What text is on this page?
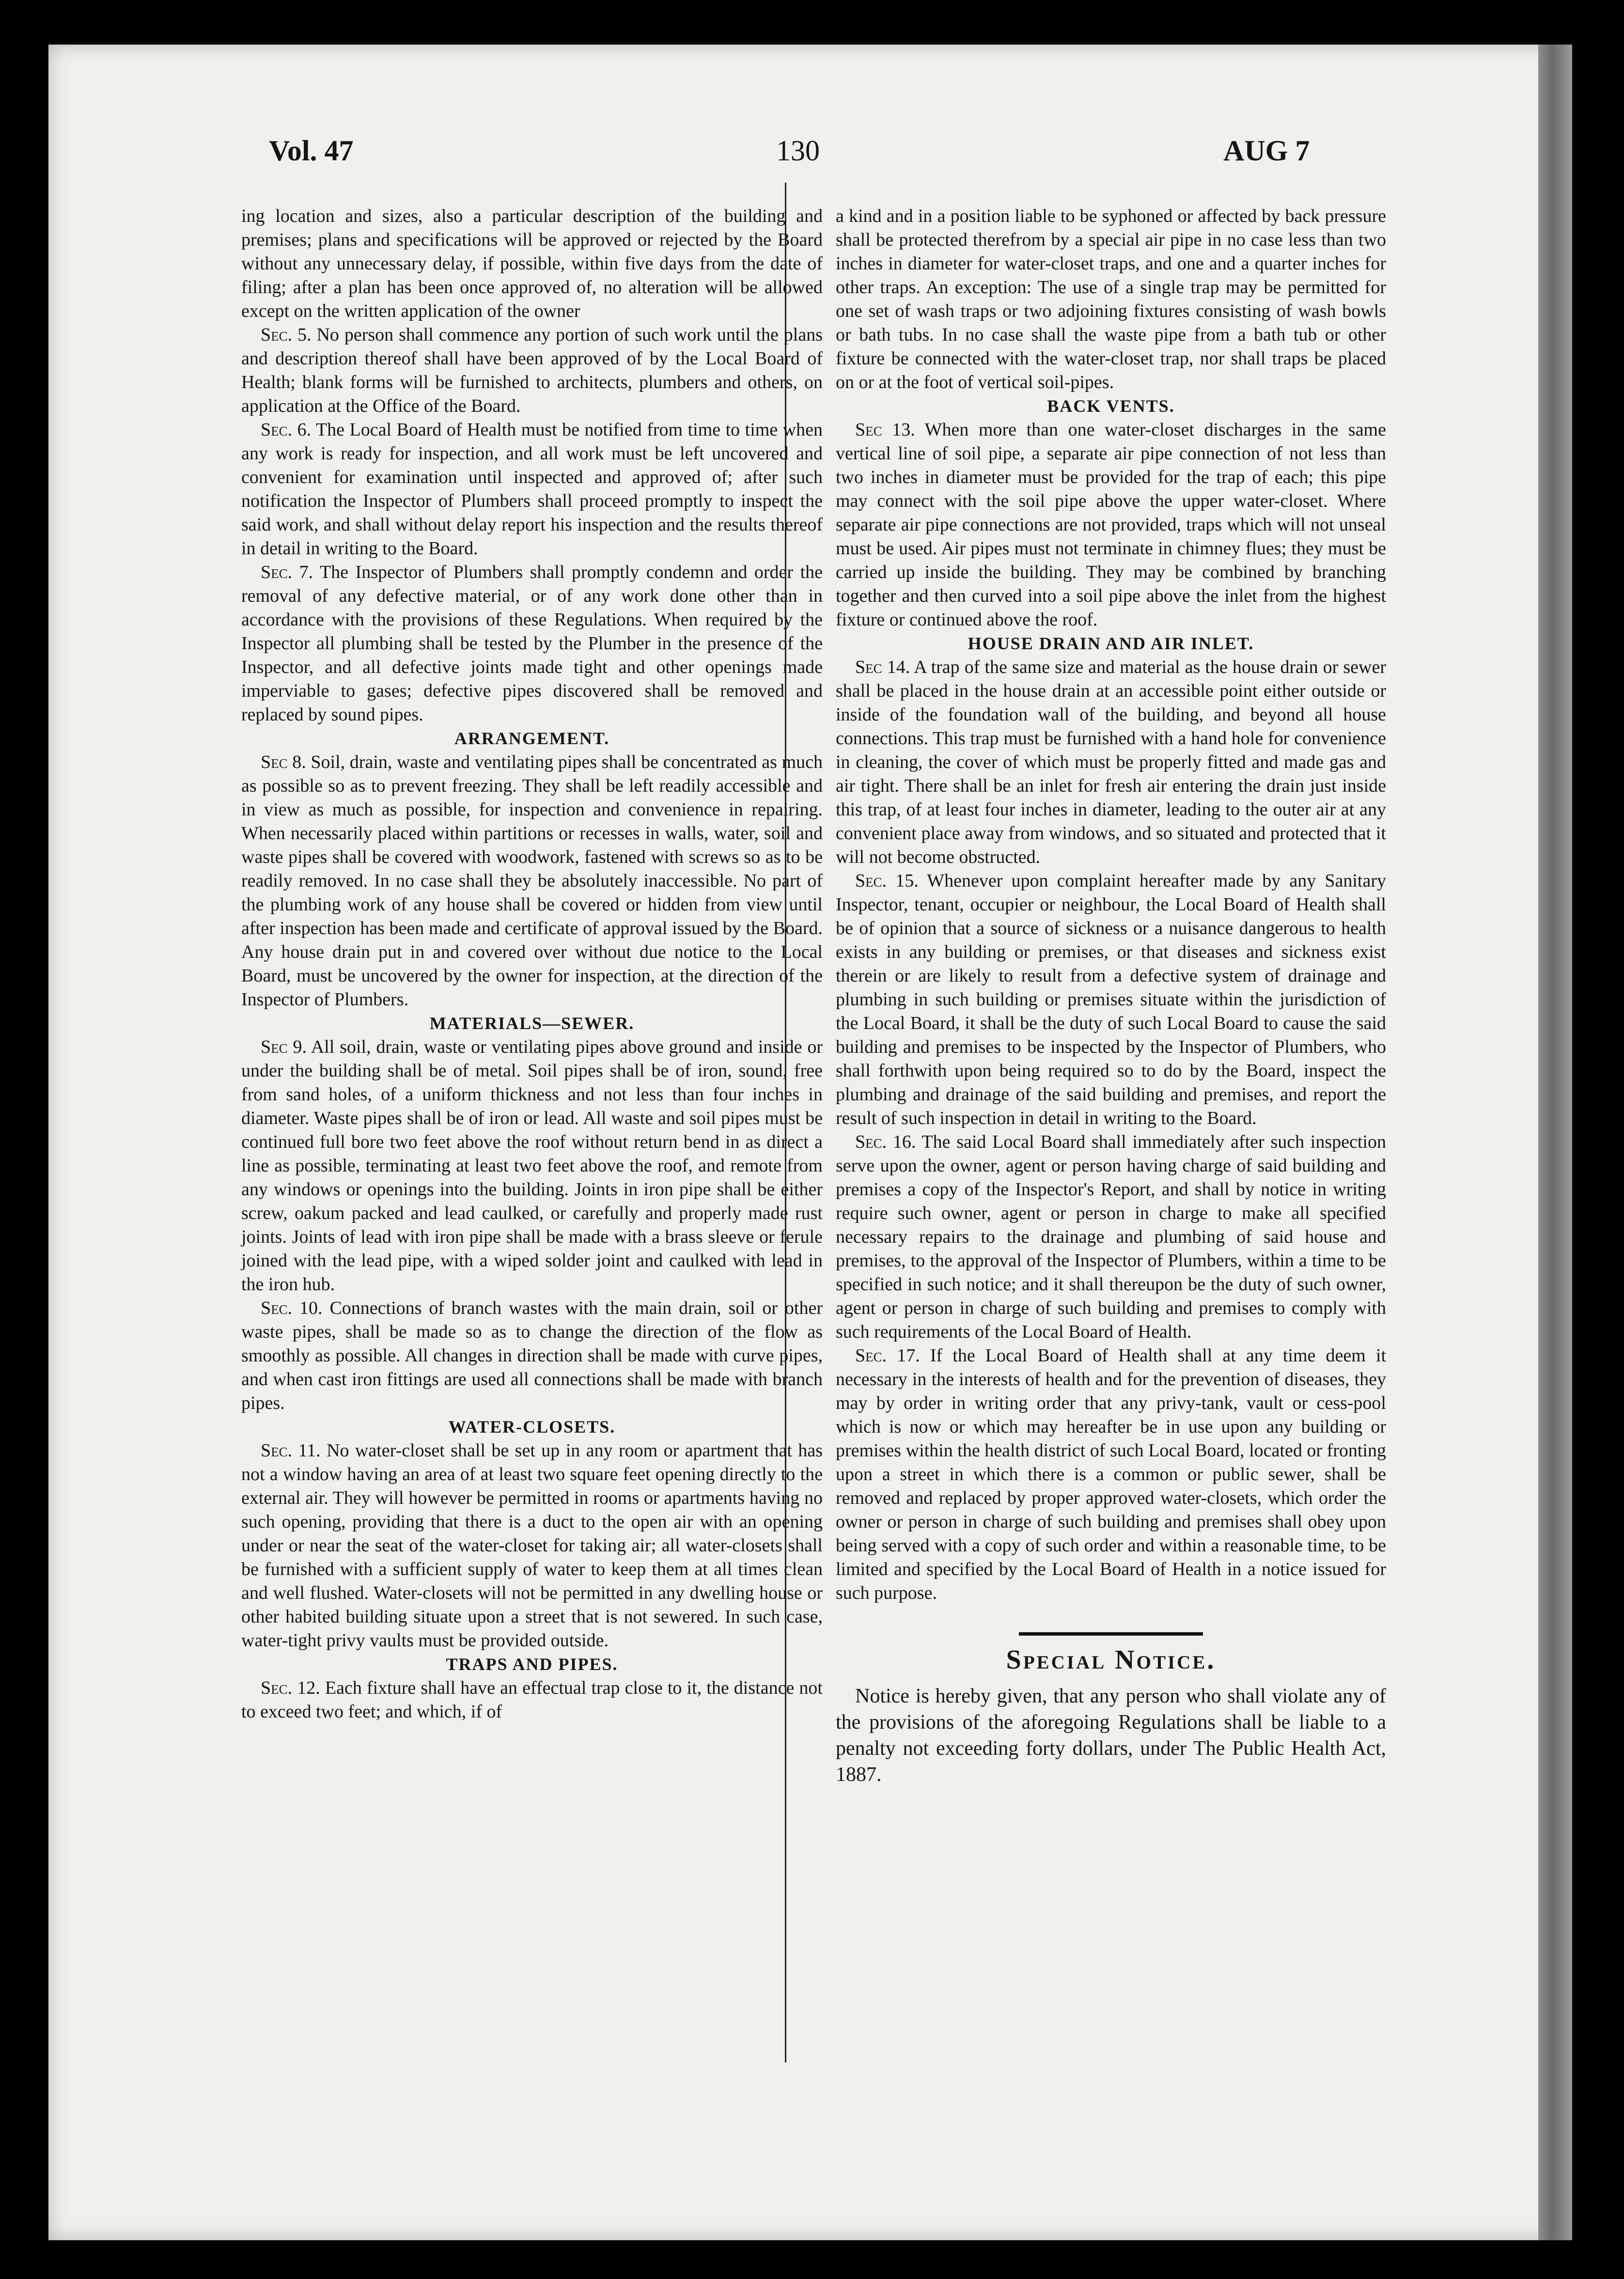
Vol. 47	130	AUG 7

ing location and sizes, also a particular description of the building and premises; plans and specifications will be approved or rejected by the Board without any unnecessary delay, if possible, within five days from the date of filing; after a plan has been once approved of, no alteration will be allowed except on the written application of the owner

Sec. 5. No person shall commence any portion of such work until the plans and description thereof shall have been approved of by the Local Board of Health; blank forms will be furnished to architects, plumbers and others, on application at the Office of the Board.

Sec. 6. The Local Board of Health must be notified from time to time when any work is ready for inspection, and all work must be left uncovered and convenient for examination until inspected and approved of; after such notification the Inspector of Plumbers shall proceed promptly to inspect the said work, and shall without delay report his inspection and the results thereof in detail in writing to the Board.

Sec. 7. The Inspector of Plumbers shall promptly condemn and order the removal of any defective material, or of any work done other than in accordance with the provisions of these Regulations. When required by the Inspector all plumbing shall be tested by the Plumber in the presence of the Inspector, and all defective joints made tight and other openings made imperviable to gases; defective pipes discovered shall be removed and replaced by sound pipes.

ARRANGEMENT.

Sec 8. Soil, drain, waste and ventilating pipes shall be concentrated as much as possible so as to prevent freezing. They shall be left readily accessible and in view as much as possible, for inspection and convenience in repairing. When necessarily placed within partitions or recesses in walls, water, soil and waste pipes shall be covered with woodwork, fastened with screws so as to be readily removed. In no case shall they be absolutely inaccessible. No part of the plumbing work of any house shall be covered or hidden from view until after inspection has been made and certificate of approval issued by the Board. Any house drain put in and covered over without due notice to the Local Board, must be uncovered by the owner for inspection, at the direction of the Inspector of Plumbers.

MATERIALS—SEWER.

Sec 9. All soil, drain, waste or ventilating pipes above ground and inside or under the building shall be of metal. Soil pipes shall be of iron, sound, free from sand holes, of a uniform thickness and not less than four inches in diameter. Waste pipes shall be of iron or lead. All waste and soil pipes must be continued full bore two feet above the roof without return bend in as direct a line as possible, terminating at least two feet above the roof, and remote from any windows or openings into the building. Joints in iron pipe shall be either screw, oakum packed and lead caulked, or carefully and properly made rust joints. Joints of lead with iron pipe shall be made with a brass sleeve or ferule joined with the lead pipe, with a wiped solder joint and caulked with lead in the iron hub.

Sec. 10. Connections of branch wastes with the main drain, soil or other waste pipes, shall be made so as to change the direction of the flow as smoothly as possible. All changes in direction shall be made with curve pipes, and when cast iron fittings are used all connections shall be made with branch pipes.

WATER-CLOSETS.

Sec. 11. No water-closet shall be set up in any room or apartment that has not a window having an area of at least two square feet opening directly to the external air. They will however be permitted in rooms or apartments having no such opening, providing that there is a duct to the open air with an opening under or near the seat of the water-closet for taking air; all water-closets shall be furnished with a sufficient supply of water to keep them at all times clean and well flushed. Water-closets will not be permitted in any dwelling house or other habited building situate upon a street that is not sewered. In such case, water-tight privy vaults must be provided outside.

TRAPS AND PIPES.

Sec. 12. Each fixture shall have an effectual trap close to it, the distance not to exceed two feet; and which, if of

a kind and in a position liable to be syphoned or affected by back pressure shall be protected therefrom by a special air pipe in no case less than two inches in diameter for water-closet traps, and one and a quarter inches for other traps. An exception: The use of a single trap may be permitted for one set of wash traps or two adjoining fixtures consisting of wash bowls or bath tubs. In no case shall the waste pipe from a bath tub or other fixture be connected with the water-closet trap, nor shall traps be placed on or at the foot of vertical soil-pipes.

BACK VENTS.

Sec 13. When more than one water-closet discharges in the same vertical line of soil pipe, a separate air pipe connection of not less than two inches in diameter must be provided for the trap of each; this pipe may connect with the soil pipe above the upper water-closet. Where separate air pipe connections are not provided, traps which will not unseal must be used. Air pipes must not terminate in chimney flues; they must be carried up inside the building. They may be combined by branching together and then curved into a soil pipe above the inlet from the highest fixture or continued above the roof.

HOUSE DRAIN AND AIR INLET.

Sec 14. A trap of the same size and material as the house drain or sewer shall be placed in the house drain at an accessible point either outside or inside of the foundation wall of the building, and beyond all house connections. This trap must be furnished with a hand hole for convenience in cleaning, the cover of which must be properly fitted and made gas and air tight. There shall be an inlet for fresh air entering the drain just inside this trap, of at least four inches in diameter, leading to the outer air at any convenient place away from windows, and so situated and protected that it will not become obstructed.

Sec. 15. Whenever upon complaint hereafter made by any Sanitary Inspector, tenant, occupier or neighbour, the Local Board of Health shall be of opinion that a source of sickness or a nuisance dangerous to health exists in any building or premises, or that diseases and sickness exist therein or are likely to result from a defective system of drainage and plumbing in such building or premises situate within the jurisdiction of the Local Board, it shall be the duty of such Local Board to cause the said building and premises to be inspected by the Inspector of Plumbers, who shall forthwith upon being required so to do by the Board, inspect the plumbing and drainage of the said building and premises, and report the result of such inspection in detail in writing to the Board.

Sec. 16. The said Local Board shall immediately after such inspection serve upon the owner, agent or person having charge of said building and premises a copy of the Inspector's Report, and shall by notice in writing require such owner, agent or person in charge to make all specified necessary repairs to the drainage and plumbing of said house and premises, to the approval of the Inspector of Plumbers, within a time to be specified in such notice; and it shall thereupon be the duty of such owner, agent or person in charge of such building and premises to comply with such requirements of the Local Board of Health.

Sec. 17. If the Local Board of Health shall at any time deem it necessary in the interests of health and for the prevention of diseases, they may by order in writing order that any privy-tank, vault or cess-pool which is now or which may hereafter be in use upon any building or premises within the health district of such Local Board, located or fronting upon a street in which there is a common or public sewer, shall be removed and replaced by proper approved water-closets, which order the owner or person in charge of such building and premises shall obey upon being served with a copy of such order and within a reasonable time, to be limited and specified by the Local Board of Health in a notice issued for such purpose.

Special Notice.

Notice is hereby given, that any person who shall violate any of the provisions of the aforegoing Regulations shall be liable to a penalty not exceeding forty dollars, under The Public Health Act, 1887.
